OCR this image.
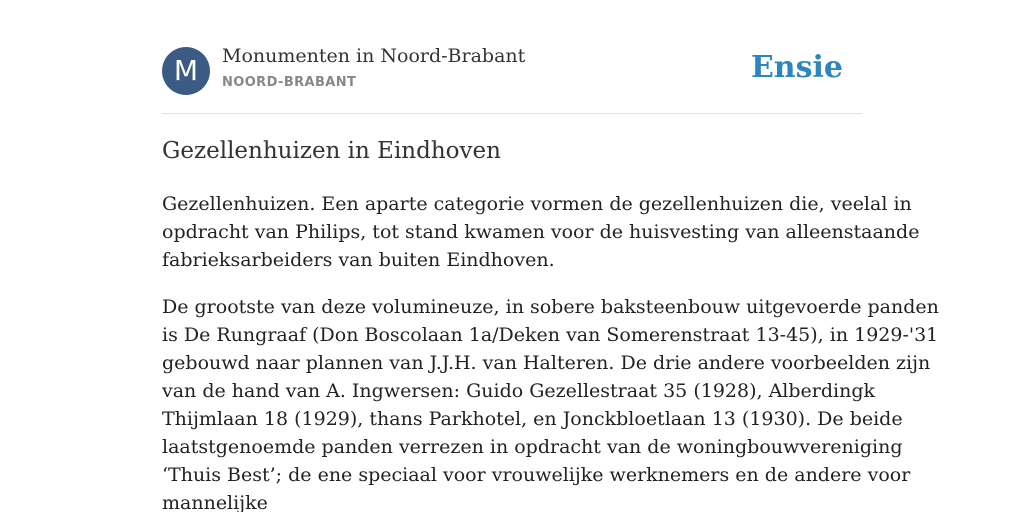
M	Monumenten in Noord-Brabant
NOORD-BRABANT	Ensie
Gezellenhuizen in Eindhoven

Gezellenhuizen. Een aparte categorie vormen de gezellenhuizen die, veelal in
opdracht van Philips, tot stand kwamen voor de huisvesting van alleenstaande
fabrieksarbeiders van buiten Eindhoven.

De grootste van deze volumineuze, in sobere baksteenbouw uitgevoerde panden
is De Rungraaf (Don Boscolaan 1a/Deken van Somerenstraat 13-45), in 1929-'31
gebouwd naar plannen van J.J.H. van Halteren. De drie andere voorbeelden zijn
van de hand van A. Ingwersen: Guido Gezellestraat 35 (1928), Alberdingk
Thijmlaan 18 (1929), thans Parkhotel, en Jonckbloetlaan 13 (1930). De beide
laatstgenoemde panden verrezen in opdracht van de woningbouwvereniging
‘Thuis Best’; de ene speciaal voor vrouwelijke werknemers en de andere voor
mannelijke
